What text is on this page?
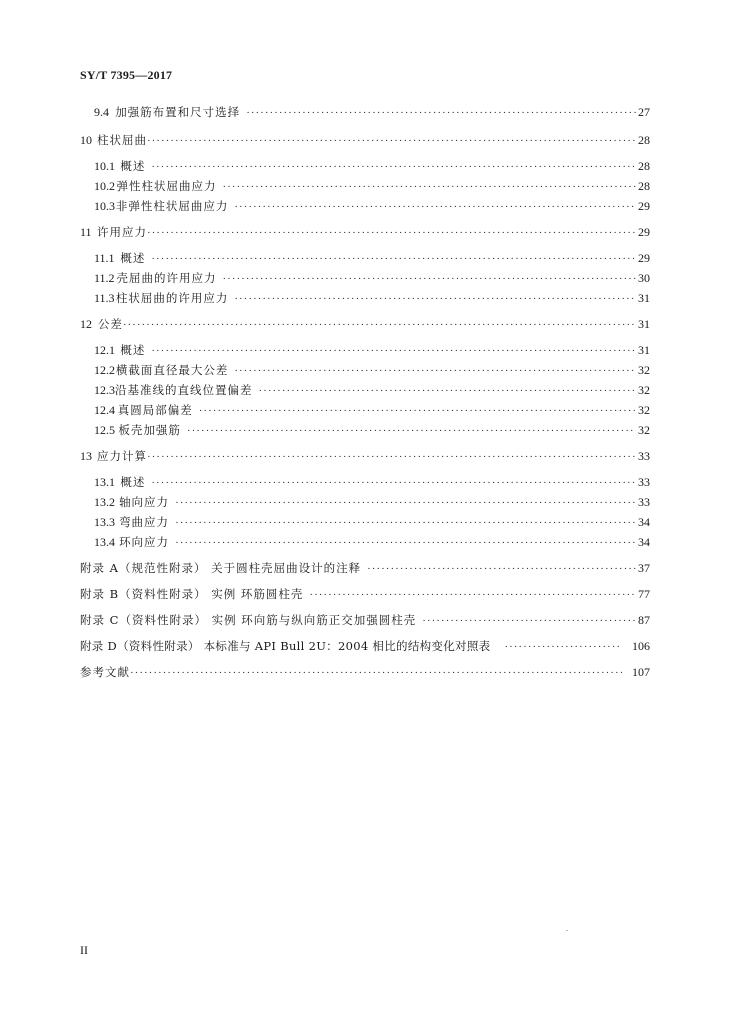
SY/T 7395—2017
9.4 加强筋布置和尺寸选择 ·····	27
10 柱状屈曲 ·····	28
10.1 概述 ·····	28
10.2 弹性柱状屈曲应力 ·····	28
10.3 非弹性柱状屈曲应力 ·····	29
11 许用应力 ·····	29
11.1 概述 ·····	29
11.2 壳屈曲的许用应力 ·····	30
11.3 柱状屈曲的许用应力 ·····	31
12 公差 ·····	31
12.1 概述 ·····	31
12.2 横截面直径最大公差 ·····	32
12.3 沿基准线的直线位置偏差 ·····	32
12.4 真圆局部偏差 ·····	32
12.5 板壳加强筋 ·····	32
13 应力计算 ·····	33
13.1 概述 ·····	33
13.2 轴向应力 ·····	33
13.3 弯曲应力 ·····	34
13.4 环向应力 ·····	34
附录 A（规范性附录） 关于圆柱壳屈曲设计的注释 ·····	37
附录 B（资料性附录） 实例 环筋圆柱壳 ·····	77
附录 C（资料性附录） 实例 环向筋与纵向筋正交加强圆柱壳 ·····	87
附录 D（资料性附录） 本标准与 API Bull 2U：2004 相比的结构变化对照表 ·····	106
参考文献 ·····	107
II
